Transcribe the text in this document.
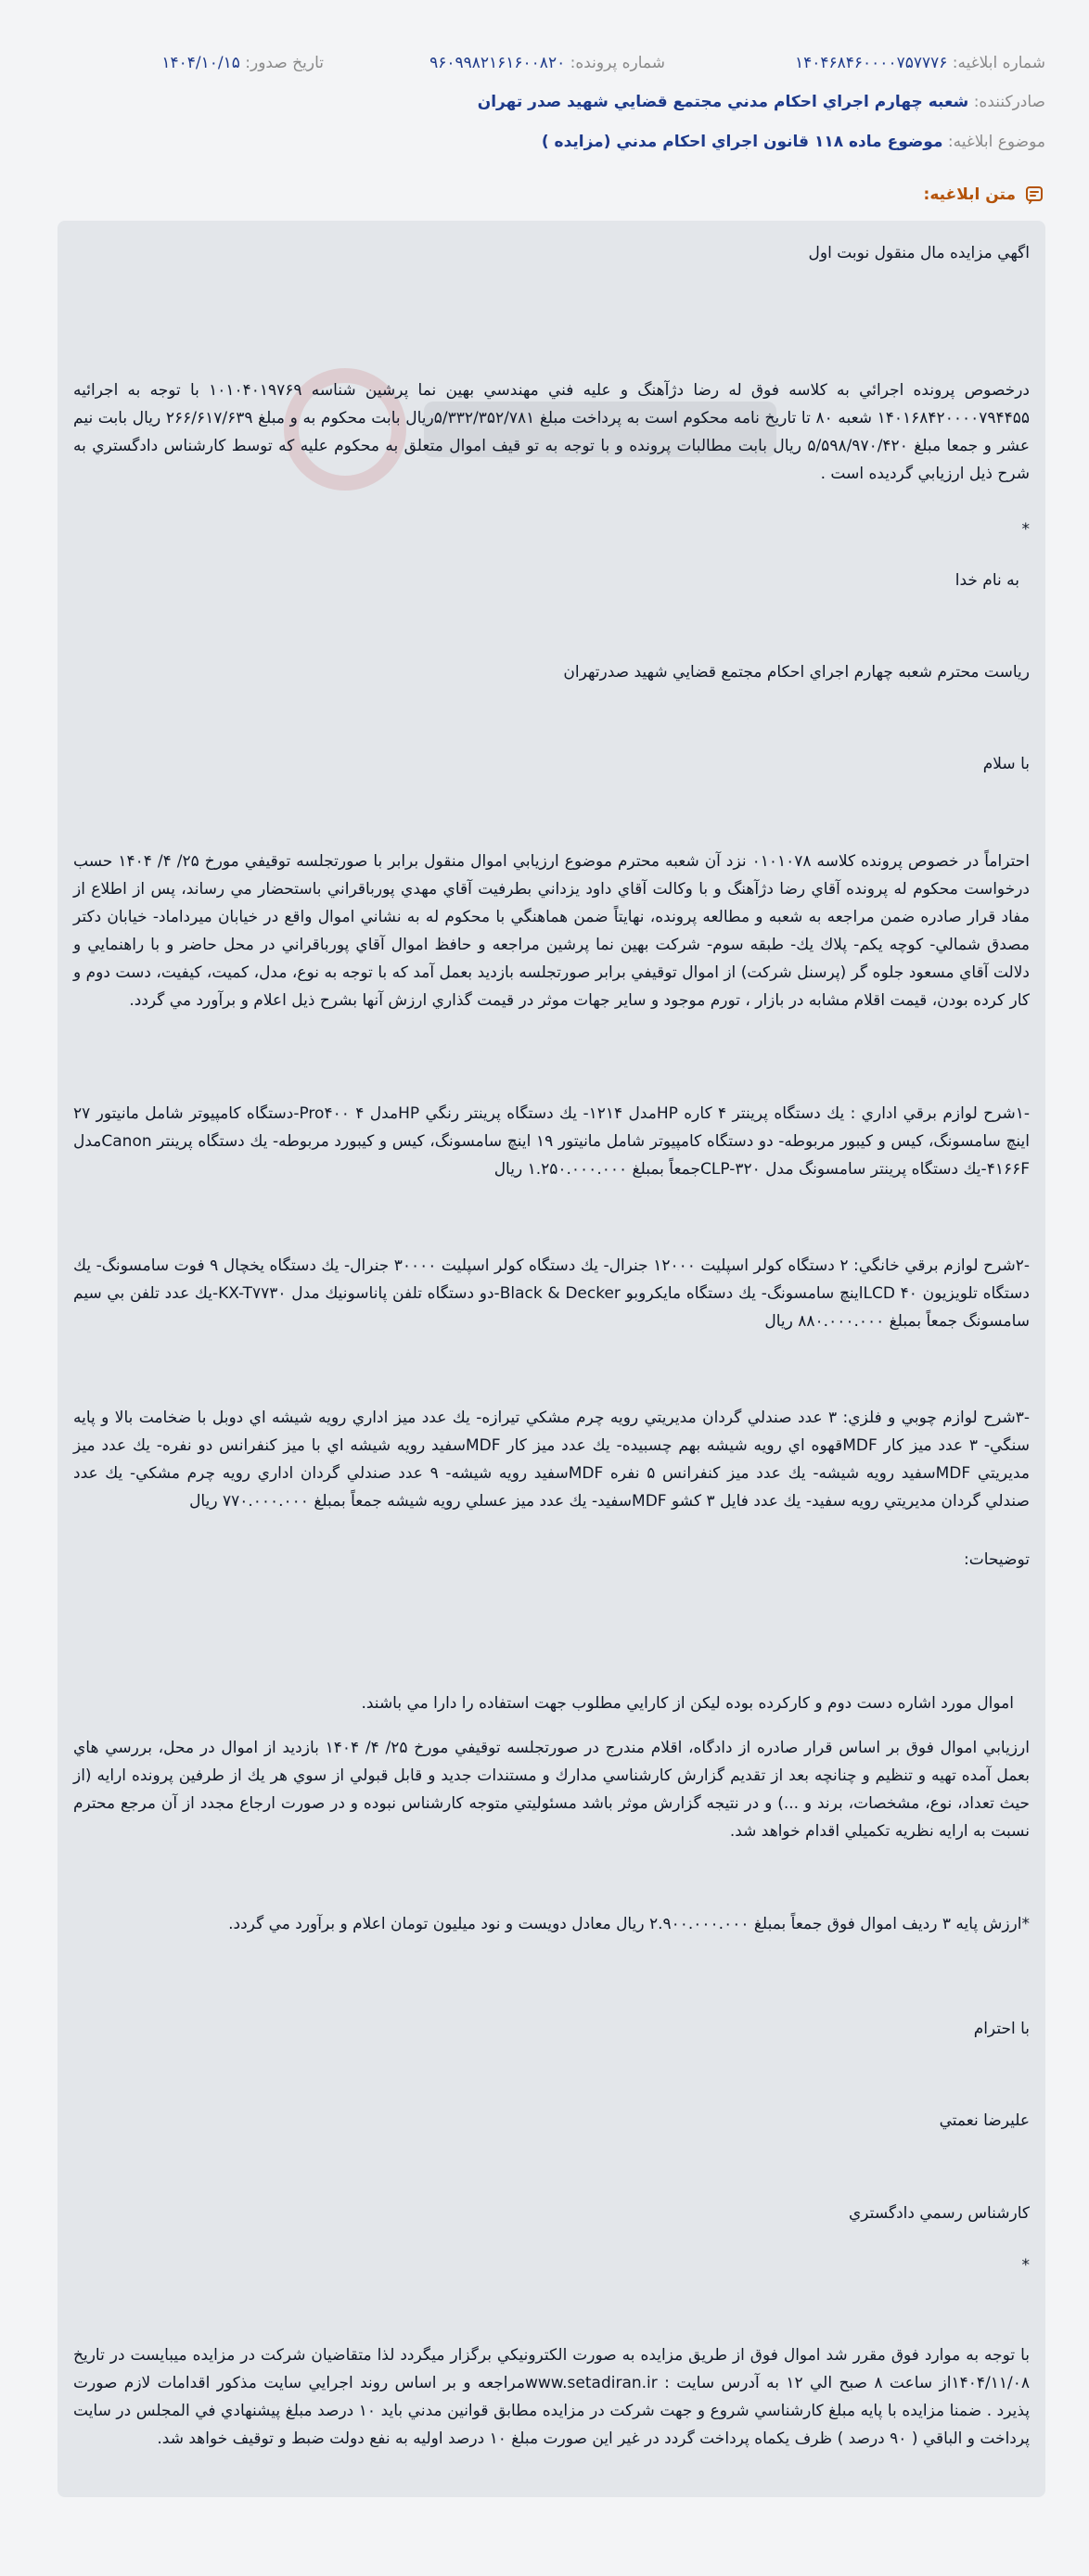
شماره ابلاغيه: ۱۴۰۴۶۸۴۶۰۰۰۰۷۵۷۷۷۶
شماره پرونده: ۹۶۰۹۹۸۲۱۶۱۶۰۰۸۲۰
تاريخ صدور: ۱۴۰۴/۱۰/۱۵
صادرکننده: شعبه چهارم اجراي احکام مدني مجتمع قضايي شهيد صدر تهران
موضوع ابلاغيه: موضوع ماده ۱۱۸ قانون اجراي احکام مدني (مزايده )
متن ابلاغيه:
اگهي مزايده مال منقول نوبت اول
درخصوص پرونده اجرائي به كلاسه فوق له رضا دژآهنگ و عليه فني مهندسي بهين نما پرشين شناسه ۱۰۱۰۴۰۱۹۷۶۹ با توجه به اجرائيه ۱۴۰۱۶۸۴۲۰۰۰۰۷۹۴۴۵۵ شعبه ۸۰ تا تاريخ نامه محکوم است به پرداخت مبلغ ۵/۳۳۲/۳۵۲/۷۸۱ريال بابت محکوم به و مبلغ ۲۶۶/۶۱۷/۶۳۹ ريال بابت نيم عشر و جمعا مبلغ ۵/۵۹۸/۹۷۰/۴۲۰ ريال بابت مطالبات پرونده و با توجه به تو قيف اموال متعلق به محکوم عليه که توسط کارشناس دادگستري به شرح ذيل ارزيابي گرديده است .
*
به نام خدا
رياست محترم شعبه چهارم اجراي احکام مجتمع قضايي شهيد صدرتهران
با سلام
احتراماً در خصوص پرونده كلاسه ۰۱۰۱۰۷۸ نزد آن شعبه محترم موضوع ارزيابي اموال منقول برابر با صورتجلسه توقيفي مورخ ۲۵/ ۴/ ۱۴۰۴ حسب درخواست محکوم له پرونده آقاي رضا دژآهنگ و با وكالت آقاي داود يزداني بطرفيت آقاي مهدي پورباقراني باستحضار مي رساند، پس از اطلاع از مفاد قرار صادره ضمن مراجعه به شعبه و مطالعه پرونده، نهايتاً ضمن هماهنگي با محكوم له به نشاني اموال واقع در خيابان ميرداماد- خيابان دكتر مصدق شمالي- كوچه يكم- پلاك يك- طبقه سوم- شركت بهين نما پرشين مراجعه و حافظ اموال آقاي پورباقراني در محل حاضر و با راهنمايي و دلالت آقاي مسعود جلوه گر (پرسنل شركت) از اموال توقيفي برابر صورتجلسه بازديد بعمل آمد كه با توجه به نوع، مدل، كميت، كيفيت، دست دوم و كار كرده بودن، قيمت اقلام مشابه در بازار ، تورم موجود و ساير جهات موثر در قيمت گذاري ارزش آنها بشرح ذيل اعلام و برآورد مي گردد.
-۱شرح لوازم برقي اداري : يك دستگاه پرينتر ۴ كاره HPمدل ۱۲۱۴- يك دستگاه پرينتر رنگي HPمدل ۴ Pro۴۰۰-دستگاه كامپيوتر شامل مانيتور ۲۷ اينچ سامسونگ، كيس و كيبور مربوطه- دو دستگاه كامپيوتر شامل مانيتور ۱۹ اينچ سامسونگ، كيس و كيبورد مربوطه- يك دستگاه پرينتر Canonمدل ۴۱۶۶F-يك دستگاه پرينتر سامسونگ مدل CLP-۳۲۰جمعاً بمبلغ ۱.۲۵۰.۰۰۰.۰۰۰ ريال
-۲شرح لوازم برقي خانگي: ۲ دستگاه كولر اسپليت ۱۲۰۰۰ جنرال- يك دستگاه كولر اسپليت ۳۰۰۰۰ جنرال- يك دستگاه يخچال ۹ فوت سامسونگ- يك دستگاه تلويزيون LCD ۴۰اينچ سامسونگ- يك دستگاه مايكروبو Black & Decker-دو دستگاه تلفن پاناسونيك مدل KX-T۷۷۳۰-يك عدد تلفن بي سيم سامسونگ جمعاً بمبلغ ۸۸۰.۰۰۰.۰۰۰ ريال
-۳شرح لوازم چوبي و فلزي: ۳ عدد صندلي گردان مديريتي رويه چرم مشكي تيرازه- يك عدد ميز اداري رويه شيشه اي دوبل با ضخامت بالا و پايه سنگي- ۳ عدد ميز كار MDFقهوه اي رويه شيشه بهم چسبيده- يك عدد ميز كار MDFسفيد رويه شيشه اي با ميز كنفرانس دو نفره- يك عدد ميز مديريتي MDFسفيد رويه شيشه- يك عدد ميز كنفرانس ۵ نفره MDFسفيد رويه شيشه- ۹ عدد صندلي گردان اداري رويه چرم مشكي- يك عدد صندلي گردان مديريتي رويه سفيد- يك عدد فايل ۳ كشو MDFسفيد- يك عدد ميز عسلي رويه شيشه جمعاً بمبلغ ۷۷۰.۰۰۰.۰۰۰ ريال
توضيحات:
اموال مورد اشاره دست دوم و كاركرده بوده ليكن از كارايي مطلوب جهت استفاده را دارا مي باشند.
ارزيابي اموال فوق بر اساس قرار صادره از دادگاه، اقلام مندرج در صورتجلسه توقيفي مورخ ۲۵/ ۴/ ۱۴۰۴ بازديد از اموال در محل، بررسي هاي بعمل آمده تهيه و تنظيم و چنانچه بعد از تقديم گزارش كارشناسي مدارك و مستندات جديد و قابل قبولي از سوي هر يك از طرفين پرونده ارايه (از حيث تعداد، نوع، مشخصات، برند و ...) و در نتيجه گزارش موثر باشد مسئوليتي متوجه كارشناس نبوده و در صورت ارجاع مجدد از آن مرجع محترم نسبت به ارايه نظريه تكميلي اقدام خواهد شد.
*ارزش پايه ۳ رديف اموال فوق جمعاً بمبلغ ۲.۹۰۰.۰۰۰.۰۰۰ ريال معادل دويست و نود ميليون تومان اعلام و برآورد مي گردد.
با احترام
عليرضا نعمتي
كارشناس رسمي دادگستري
*
با توجه به موارد فوق مقرر شد اموال فوق از طريق مزايده به صورت الکترونيکي برگزار ميگردد لذا متقاضيان شرکت در مزايده ميبايست در تاريخ ۱۴۰۴/۱۱/۰۸از ساعت ۸ صبح الي ۱۲ به آدرس سايت : www.setadiran.irمراجعه و بر اساس روند اجرايي سايت مذکور اقدامات لازم صورت پذيرد . ضمنا مزايده با پايه مبلغ کارشناسي شروع و جهت شرکت در مزايده مطابق قوانين مدني بايد ۱۰ درصد مبلغ پيشنهادي في المجلس در سايت پرداخت و الباقي ( ۹۰ درصد ) ظرف يکماه پرداخت گردد در غير اين صورت مبلغ ۱۰ درصد اوليه به نفع دولت ضبط و توقيف خواهد شد.
